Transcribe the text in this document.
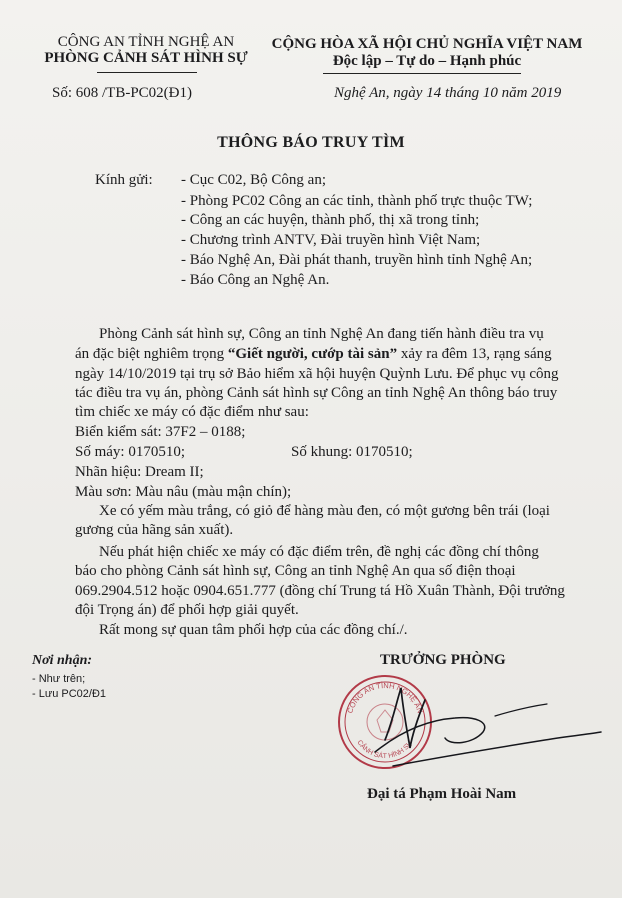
CÔNG AN TỈNH NGHỆ AN
PHÒNG CẢNH SÁT HÌNH SỰ
Số: 608 /TB-PC02(Đ1)
CỘNG HÒA XÃ HỘI CHỦ NGHĨA VIỆT NAM
Độc lập – Tự do – Hạnh phúc
Nghệ An, ngày 14 tháng 10 năm 2019
THÔNG BÁO TRUY TÌM
Kính gửi: - Cục C02, Bộ Công an;
- Phòng PC02 Công an các tỉnh, thành phố trực thuộc TW;
- Công an các huyện, thành phố, thị xã trong tỉnh;
- Chương trình ANTV, Đài truyền hình Việt Nam;
- Báo Nghệ An, Đài phát thanh, truyền hình tỉnh Nghệ An;
- Báo Công an Nghệ An.
Phòng Cảnh sát hình sự, Công an tỉnh Nghệ An đang tiến hành điều tra vụ
án đặc biệt nghiêm trọng “Giết người, cướp tài sản” xảy ra đêm 13, rạng sáng
ngày 14/10/2019 tại trụ sở Bảo hiểm xã hội huyện Quỳnh Lưu. Để phục vụ công
tác điều tra vụ án, phòng Cảnh sát hình sự Công an tỉnh Nghệ An thông báo truy
tìm chiếc xe máy có đặc điểm như sau:
Biển kiểm sát: 37F2 – 0188;
Số máy: 0170510;	Số khung: 0170510;
Nhãn hiệu: Dream II;
Màu sơn: Màu nâu (màu mận chín);
Xe có yếm màu trắng, có giỏ để hàng màu đen, có một gương bên trái (loại
gương của hãng sản xuất).
Nếu phát hiện chiếc xe máy có đặc điểm trên, đề nghị các đồng chí thông
báo cho phòng Cảnh sát hình sự, Công an tỉnh Nghệ An qua số điện thoại
069.2904.512 hoặc 0904.651.777 (đồng chí Trung tá Hồ Xuân Thành, Đội trưởng
đội Trọng án) để phối hợp giải quyết.
Rất mong sự quan tâm phối hợp của các đồng chí./.
Nơi nhận:
- Như trên;
- Lưu PC02/Đ1
TRƯỞNG PHÒNG
CÔNG AN TỈNH NGHỆ AN
CẢNH SÁT HÌNH SỰ
Đại tá Phạm Hoài Nam
